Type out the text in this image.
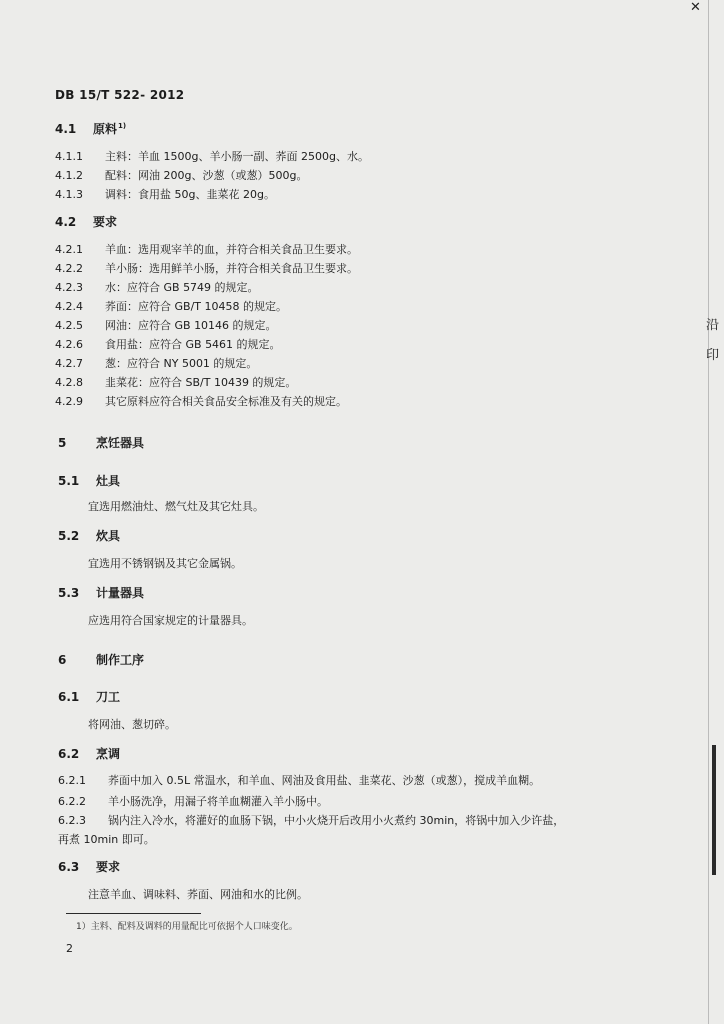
✕
沿
印
DB 15/T 522- 2012
4.1 原料$^{1)}$
4.1.1 主料：羊血 1500g、羊小肠一副、荞面 2500g、水。
4.1.2 配料：网油 200g、沙葱（或葱）500g。
4.1.3 调料：食用盐 50g、韭菜花 20g。
4.2 要求
4.2.1 羊血：选用观宰羊的血，并符合相关食品卫生要求。
4.2.2 羊小肠：选用鲜羊小肠，并符合相关食品卫生要求。
4.2.3 水：应符合 GB 5749 的规定。
4.2.4 荞面：应符合 GB/T 10458 的规定。
4.2.5 网油：应符合 GB 10146 的规定。
4.2.6 食用盐：应符合 GB 5461 的规定。
4.2.7 葱：应符合 NY 5001 的规定。
4.2.8 韭菜花：应符合 SB/T 10439 的规定。
4.2.9 其它原料应符合相关食品安全标准及有关的规定。
5 烹饪器具
5.1 灶具
宜选用燃油灶、燃气灶及其它灶具。
5.2 炊具
宜选用不锈钢锅及其它金属锅。
5.3 计量器具
应选用符合国家规定的计量器具。
6 制作工序
6.1 刀工
将网油、葱切碎。
6.2 烹调
6.2.1 荞面中加入 0.5L 常温水，和羊血、网油及食用盐、韭菜花、沙葱（或葱），搅成羊血糊。
6.2.2 羊小肠洗净，用漏子将羊血糊灌入羊小肠中。
6.2.3 锅内注入冷水，将灌好的血肠下锅，中小火烧开后改用小火煮约 30min，将锅中加入少许盐，
再煮 10min 即可。
6.3 要求
注意羊血、调味料、荞面、网油和水的比例。
1）主料、配料及调料的用量配比可依据个人口味变化。
2
